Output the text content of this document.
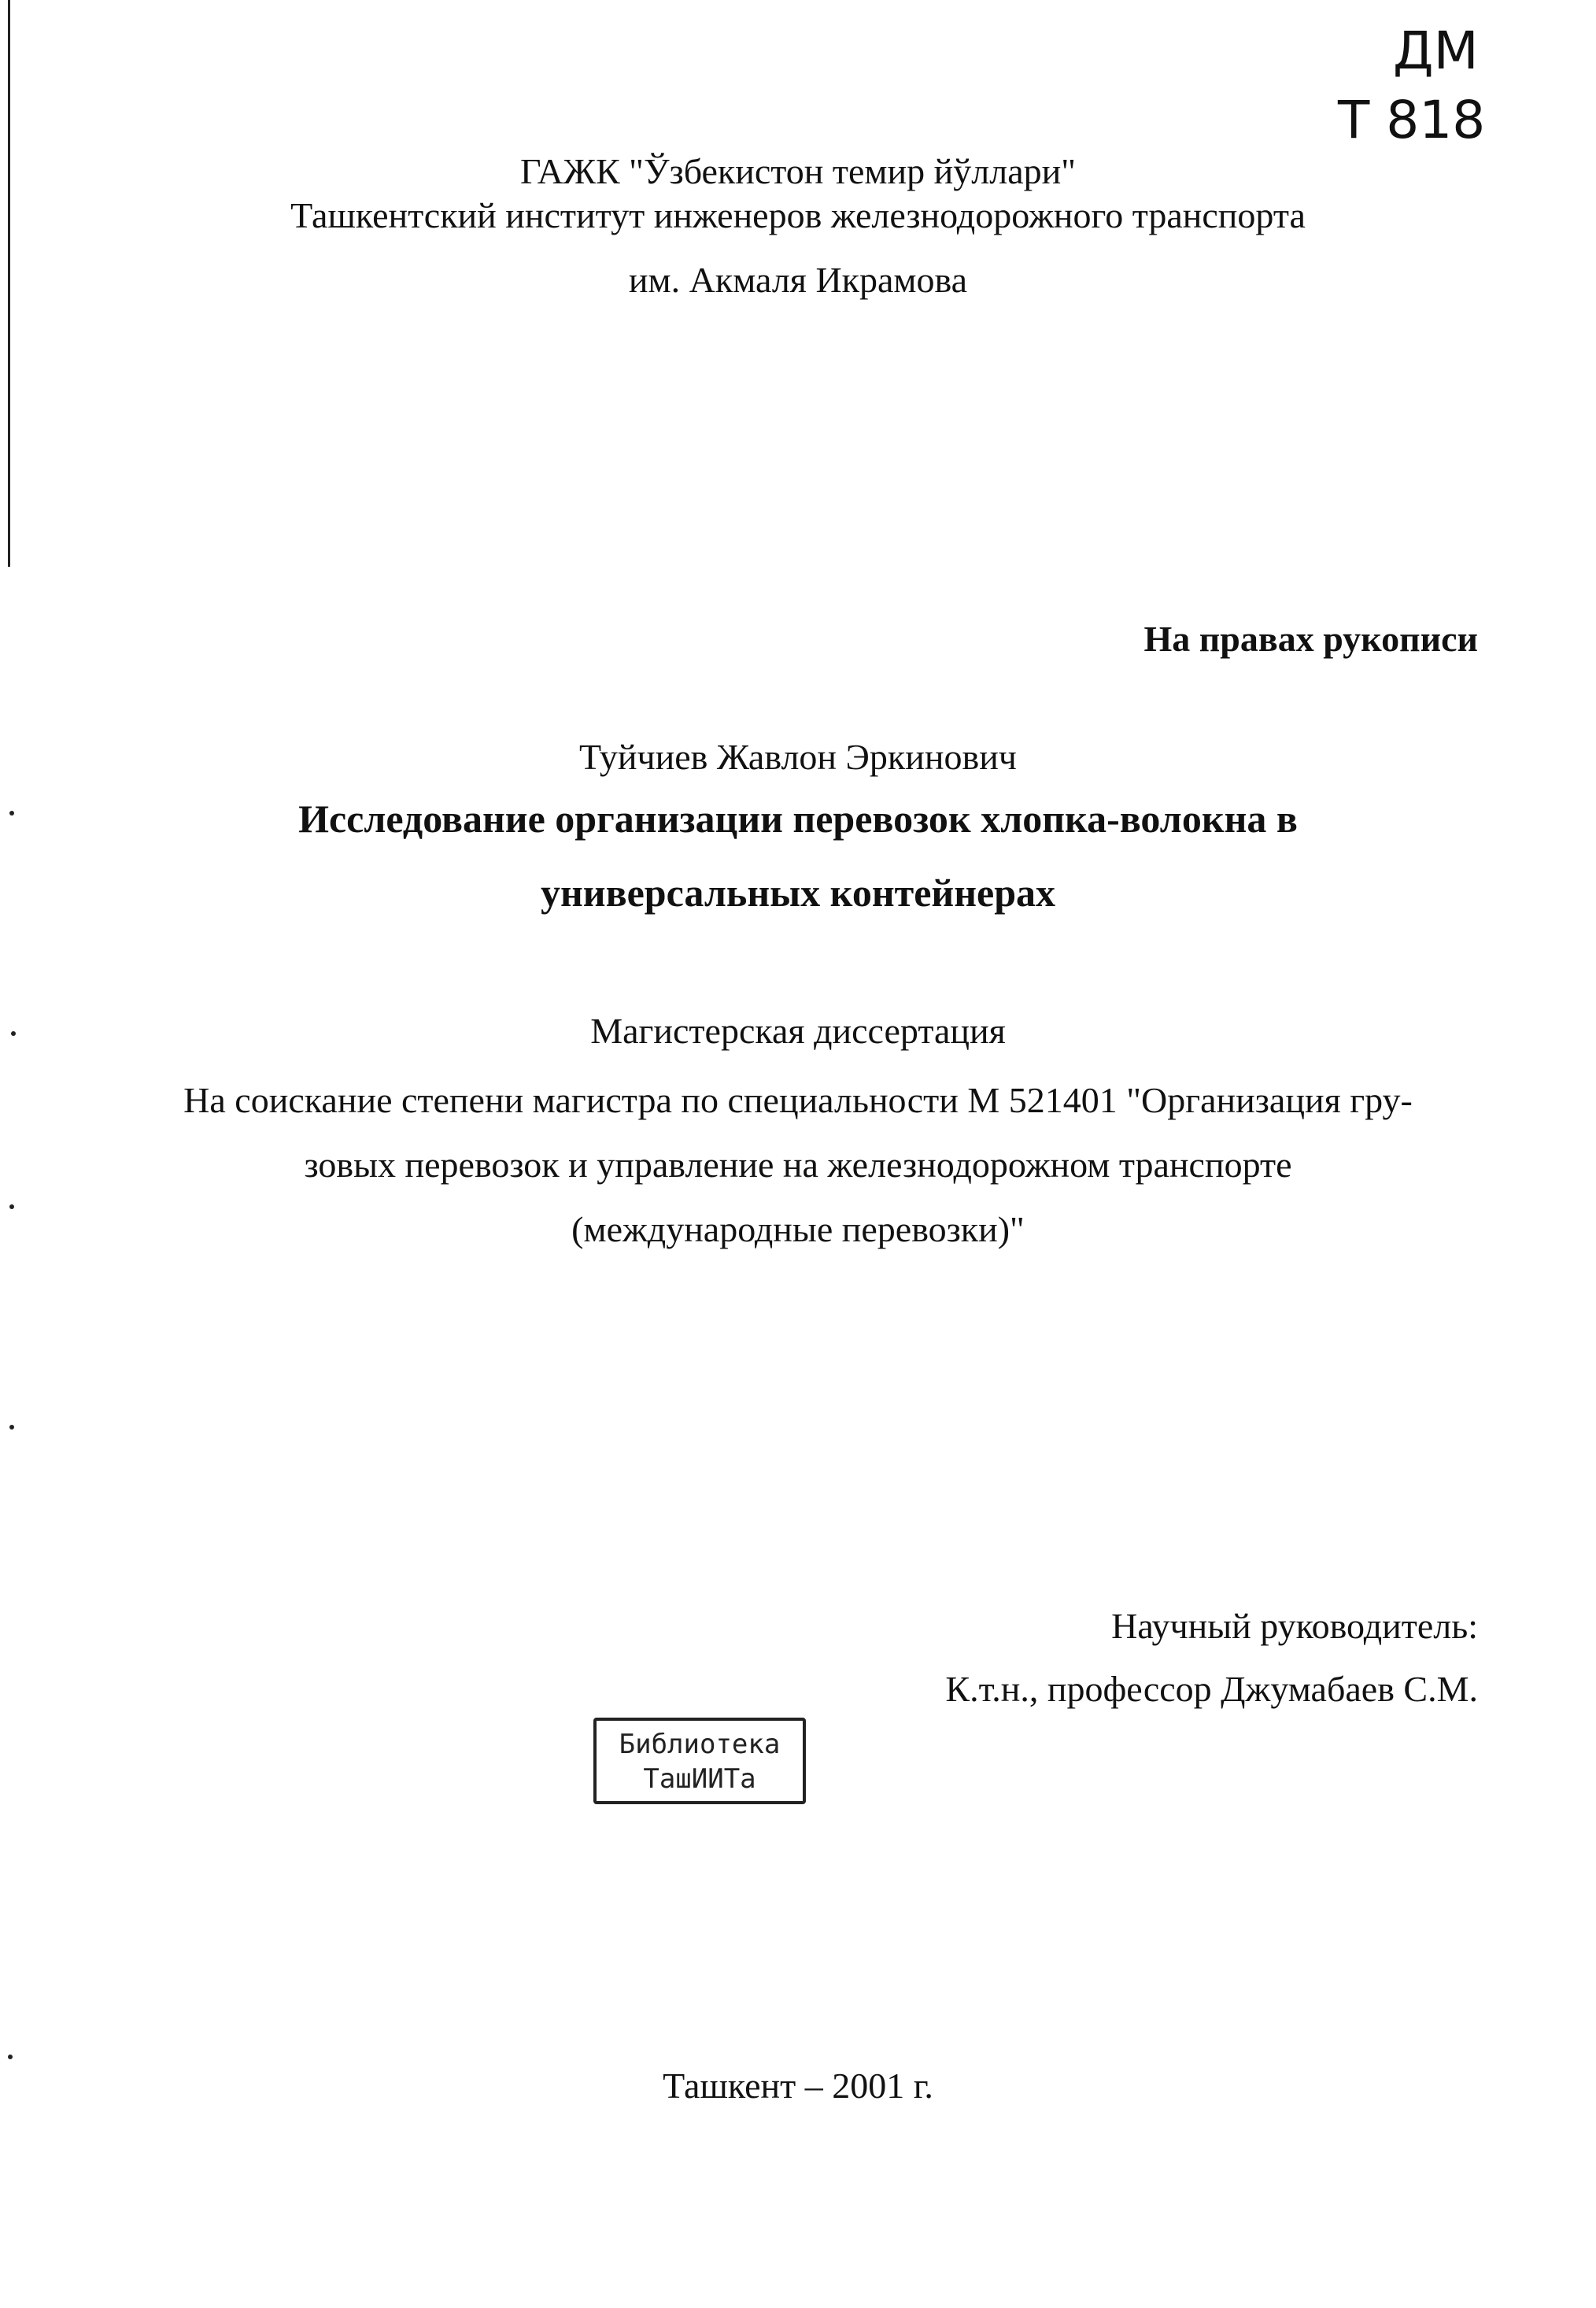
ДМ
Т 818
ГАЖК "Ўзбекистон темир йўллари"
Ташкентский институт инженеров железнодорожного транспорта
им. Акмаля Икрамова
На правах рукописи
Туйчиев Жавлон Эркинович
Исследование организации перевозок хлопка-волокна в
универсальных контейнерах
Магистерская диссертация
На соискание степени магистра по специальности М 521401 "Организация гру-
зовых перевозок и управление на железнодорожном транспорте
(международные перевозки)"
Научный руководитель:
К.т.н., профессор Джумабаев С.М.
Библиотека
ТашИИТа
Ташкент – 2001 г.
